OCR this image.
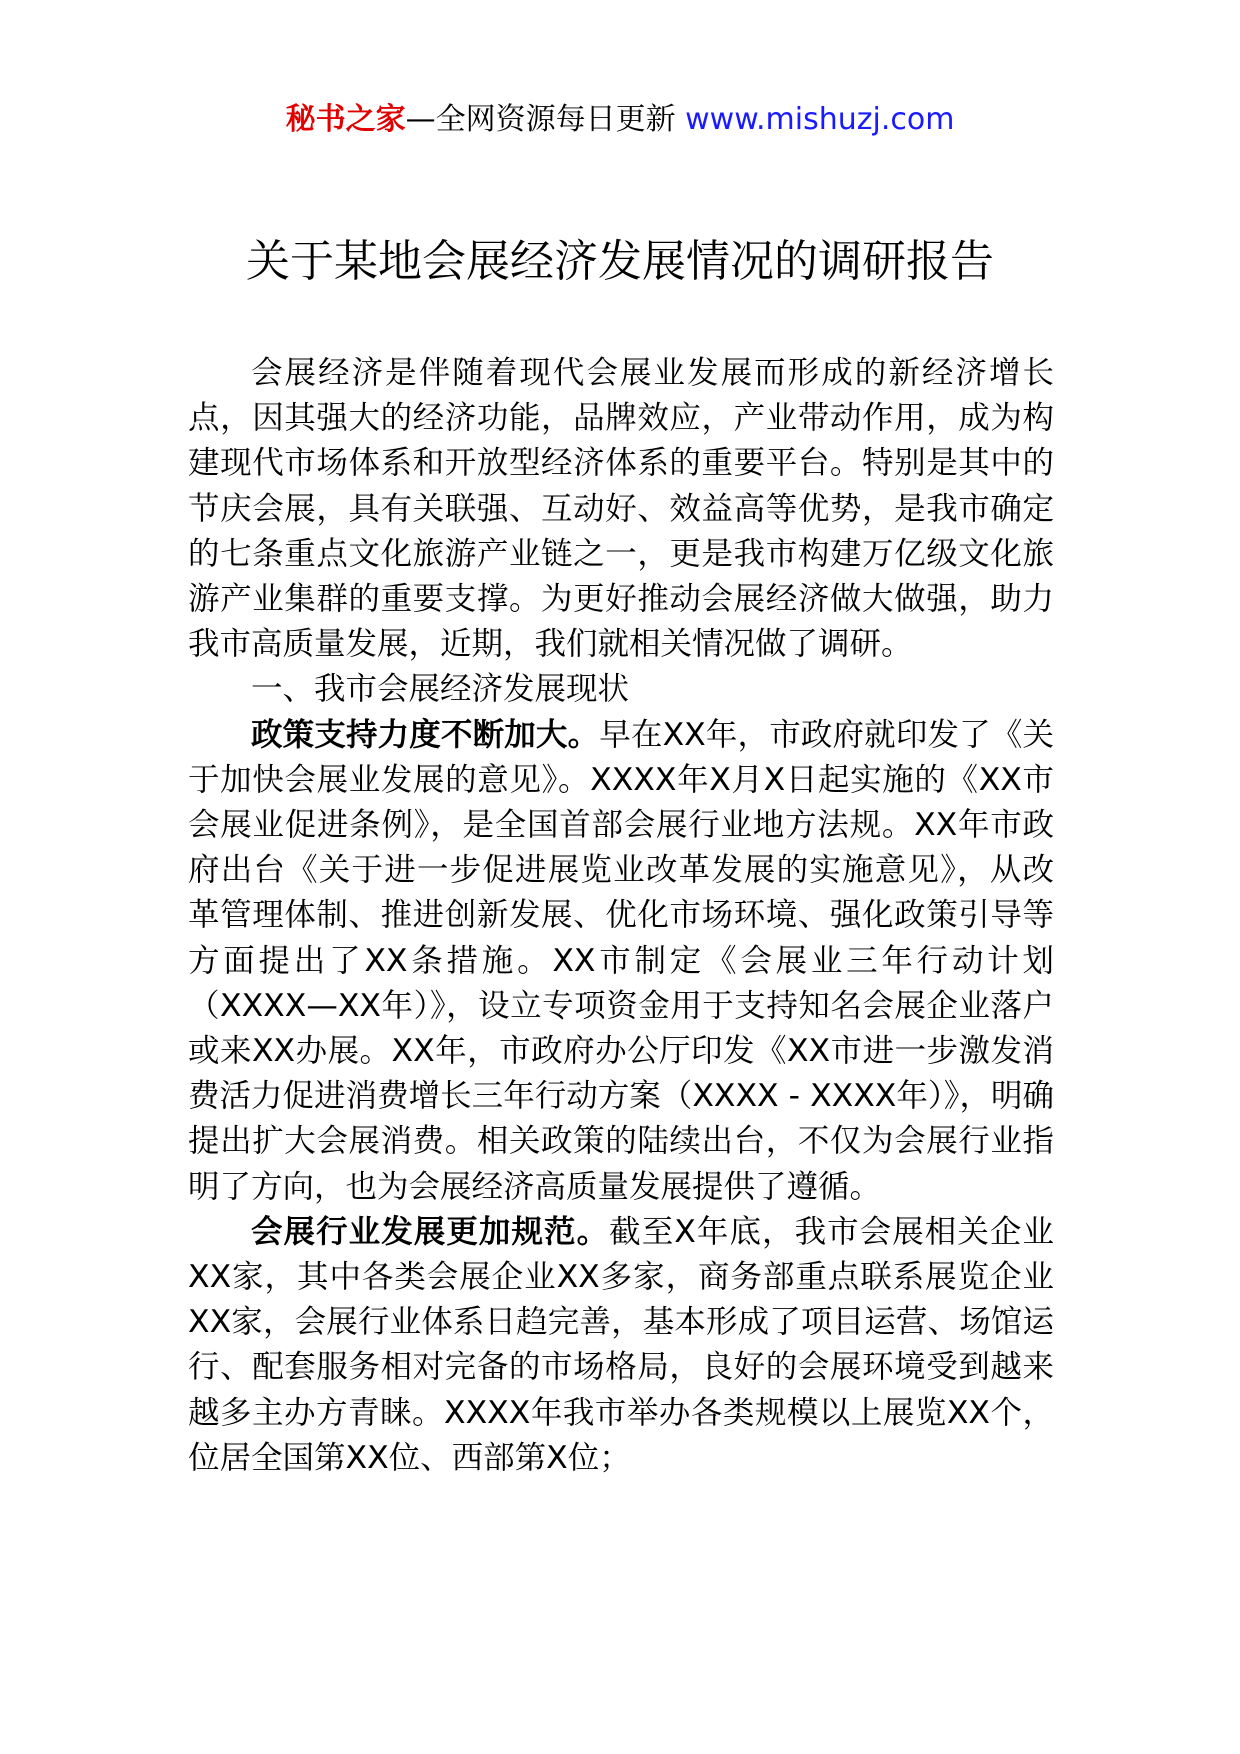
秘书之家—全网资源每日更新 www.mishuzj.com
关于某地会展经济发展情况的调研报告

会展经济是伴随着现代会展业发展而形成的新经济增长点，因其强大的经济功能，品牌效应，产业带动作用，成为构建现代市场体系和开放型经济体系的重要平台。特别是其中的节庆会展，具有关联强、互动好、效益高等优势，是我市确定的七条重点文化旅游产业链之一，更是我市构建万亿级文化旅游产业集群的重要支撑。为更好推动会展经济做大做强，助力我市高质量发展，近期，我们就相关情况做了调研。

一、我市会展经济发展现状

政策支持力度不断加大。早在XX年，市政府就印发了《关于加快会展业发展的意见》。XXXX年X月X日起实施的《XX市会展业促进条例》，是全国首部会展行业地方法规。XX年市政府出台《关于进一步促进展览业改革发展的实施意见》，从改革管理体制、推进创新发展、优化市场环境、强化政策引导等方面提出了XX条措施。XX市制定《会展业三年行动计划（XXXX—XX年）》，设立专项资金用于支持知名会展企业落户或来XX办展。XX年，市政府办公厅印发《XX市进一步激发消费活力促进消费增长三年行动方案（XXXX - XXXX年）》，明确提出扩大会展消费。相关政策的陆续出台，不仅为会展行业指明了方向，也为会展经济高质量发展提供了遵循。

会展行业发展更加规范。截至X年底，我市会展相关企业XX家，其中各类会展企业XX多家，商务部重点联系展览企业XX家，会展行业体系日趋完善，基本形成了项目运营、场馆运行、配套服务相对完备的市场格局，良好的会展环境受到越来越多主办方青睐。XXXX年我市举办各类规模以上展览XX个，位居全国第XX位、西部第X位；
